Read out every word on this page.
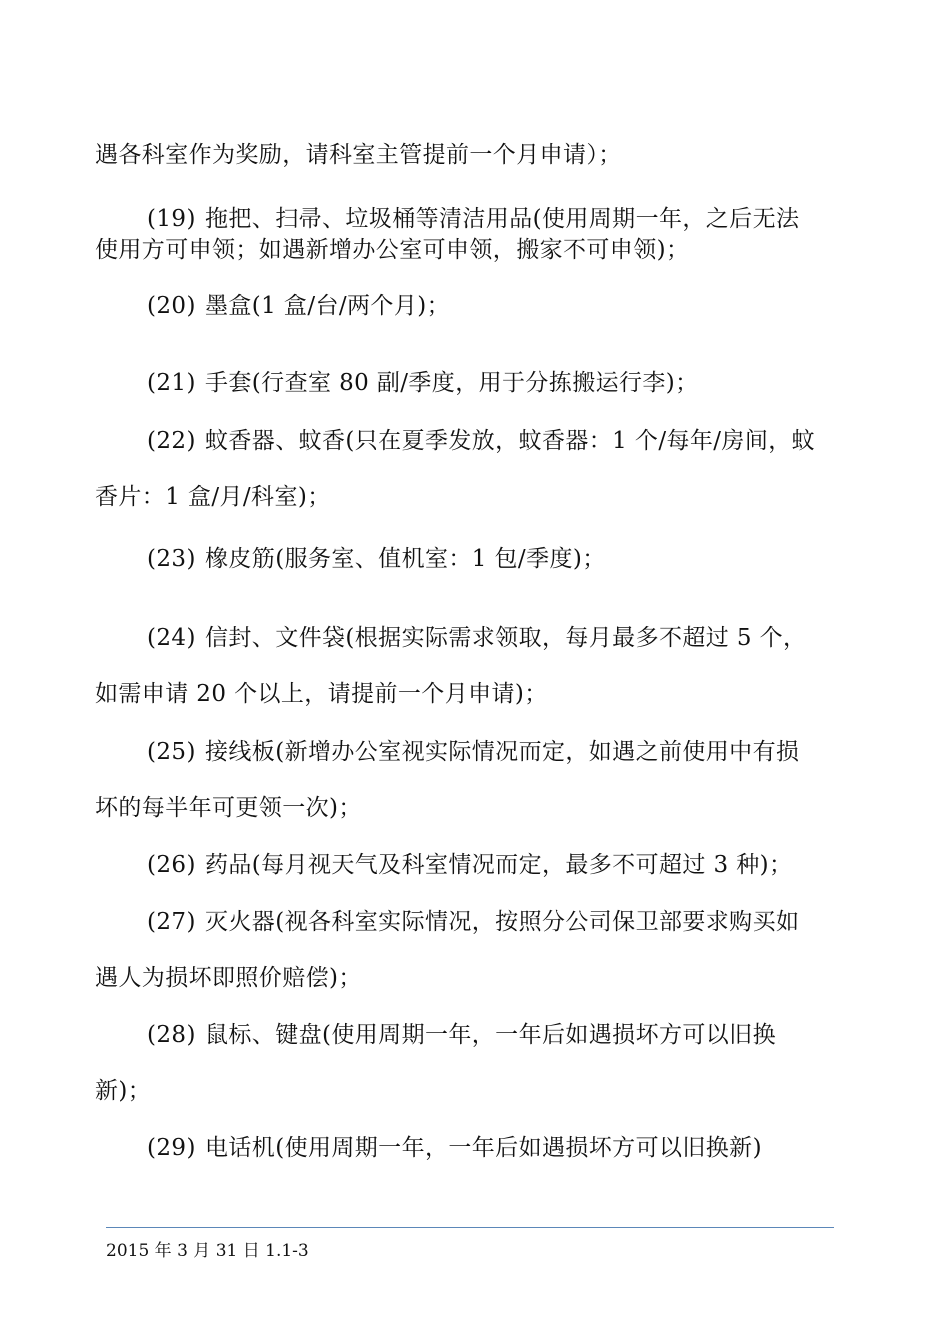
遇各科室作为奖励，请科室主管提前一个月申请）；
(19) 拖把、扫帚、垃圾桶等清洁用品(使用周期一年，之后无法
使用方可申领；如遇新增办公室可申领，搬家不可申领)；
(20) 墨盒(1 盒/台/两个月)；
(21) 手套(行查室 80 副/季度，用于分拣搬运行李)；
(22) 蚊香器、蚊香(只在夏季发放，蚊香器：1 个/每年/房间，蚊
香片：1 盒/月/科室)；
(23) 橡皮筋(服务室、值机室：1 包/季度)；
(24) 信封、文件袋(根据实际需求领取，每月最多不超过 5 个，
如需申请 20 个以上，请提前一个月申请)；
(25) 接线板(新增办公室视实际情况而定，如遇之前使用中有损
坏的每半年可更领一次)；
(26) 药品(每月视天气及科室情况而定，最多不可超过 3 种)；
(27) 灭火器(视各科室实际情况，按照分公司保卫部要求购买如
遇人为损坏即照价赔偿)；
(28) 鼠标、键盘(使用周期一年，一年后如遇损坏方可以旧换
新)；
(29) 电话机(使用周期一年，一年后如遇损坏方可以旧换新)
2015 年 3 月 31 日 1.1-3
